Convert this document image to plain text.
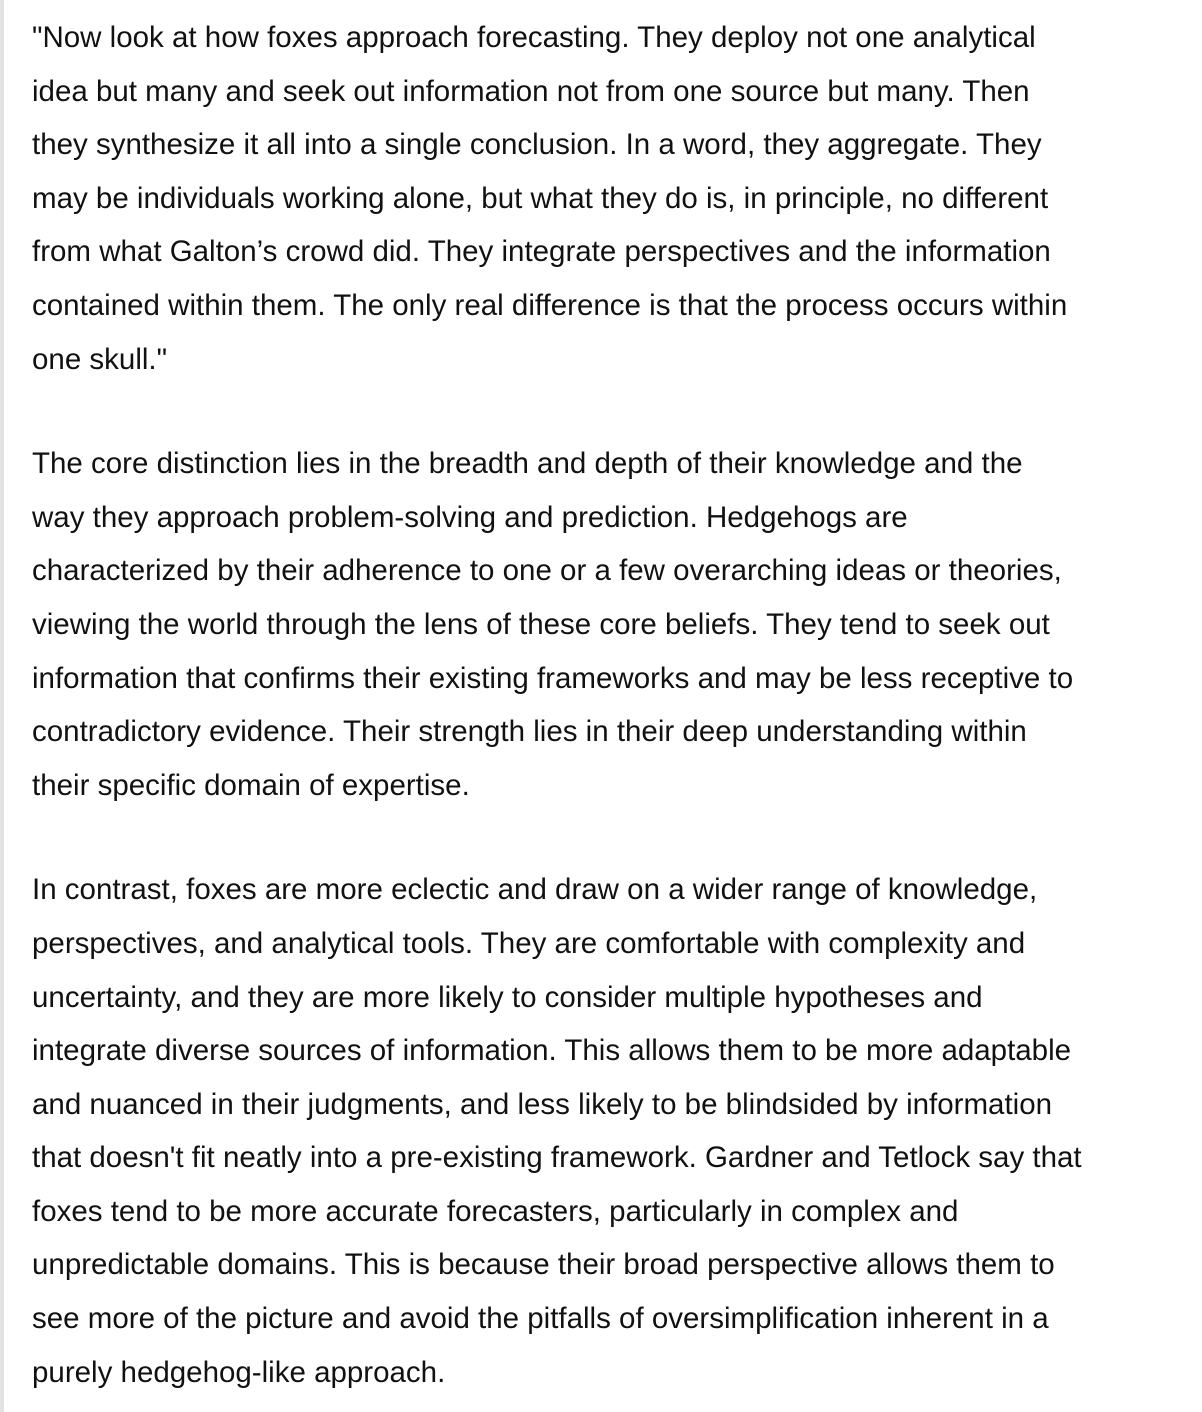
"Now look at how foxes approach forecasting. They deploy not one analytical
idea but many and seek out information not from one source but many. Then
they synthesize it all into a single conclusion. In a word, they aggregate. They
may be individuals working alone, but what they do is, in principle, no different
from what Galton’s crowd did. They integrate perspectives and the information
contained within them. The only real difference is that the process occurs within
one skull."

The core distinction lies in the breadth and depth of their knowledge and the
way they approach problem-solving and prediction. Hedgehogs are
characterized by their adherence to one or a few overarching ideas or theories,
viewing the world through the lens of these core beliefs. They tend to seek out
information that confirms their existing frameworks and may be less receptive to
contradictory evidence. Their strength lies in their deep understanding within
their specific domain of expertise.

In contrast, foxes are more eclectic and draw on a wider range of knowledge,
perspectives, and analytical tools. They are comfortable with complexity and
uncertainty, and they are more likely to consider multiple hypotheses and
integrate diverse sources of information. This allows them to be more adaptable
and nuanced in their judgments, and less likely to be blindsided by information
that doesn't fit neatly into a pre-existing framework. Gardner and Tetlock say that
foxes tend to be more accurate forecasters, particularly in complex and
unpredictable domains. This is because their broad perspective allows them to
see more of the picture and avoid the pitfalls of oversimplification inherent in a
purely hedgehog-like approach.
